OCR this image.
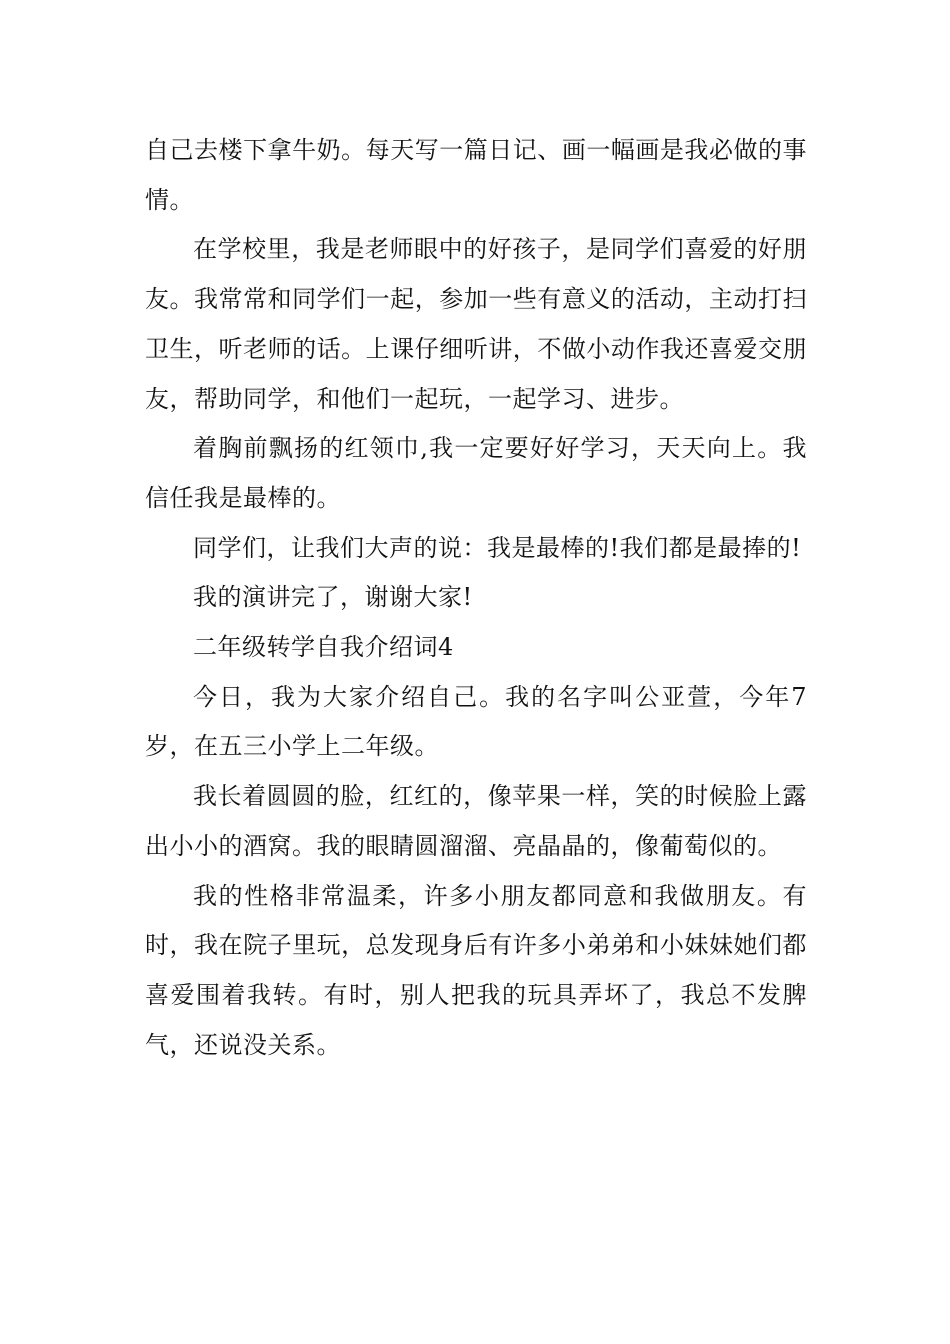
自己去楼下拿牛奶。每天写一篇日记、画一幅画是我必做的事情。

在学校里，我是老师眼中的好孩子，是同学们喜爱的好朋友。我常常和同学们一起，参加一些有意义的活动，主动打扫卫生，听老师的话。上课仔细听讲，不做小动作我还喜爱交朋友，帮助同学，和他们一起玩，一起学习、进步。

着胸前飘扬的红领巾,我一定要好好学习，天天向上。我信任我是最棒的。

同学们，让我们大声的说：我是最棒的!我们都是最捧的!

我的演讲完了，谢谢大家!

二年级转学自我介绍词4

今日，我为大家介绍自己。我的名字叫公亚萱，今年7岁，在五三小学上二年级。

我长着圆圆的脸，红红的，像苹果一样，笑的时候脸上露出小小的酒窝。我的眼睛圆溜溜、亮晶晶的，像葡萄似的。

我的性格非常温柔，许多小朋友都同意和我做朋友。有时，我在院子里玩，总发现身后有许多小弟弟和小妹妹她们都喜爱围着我转。有时，别人把我的玩具弄坏了，我总不发脾气，还说没关系。
